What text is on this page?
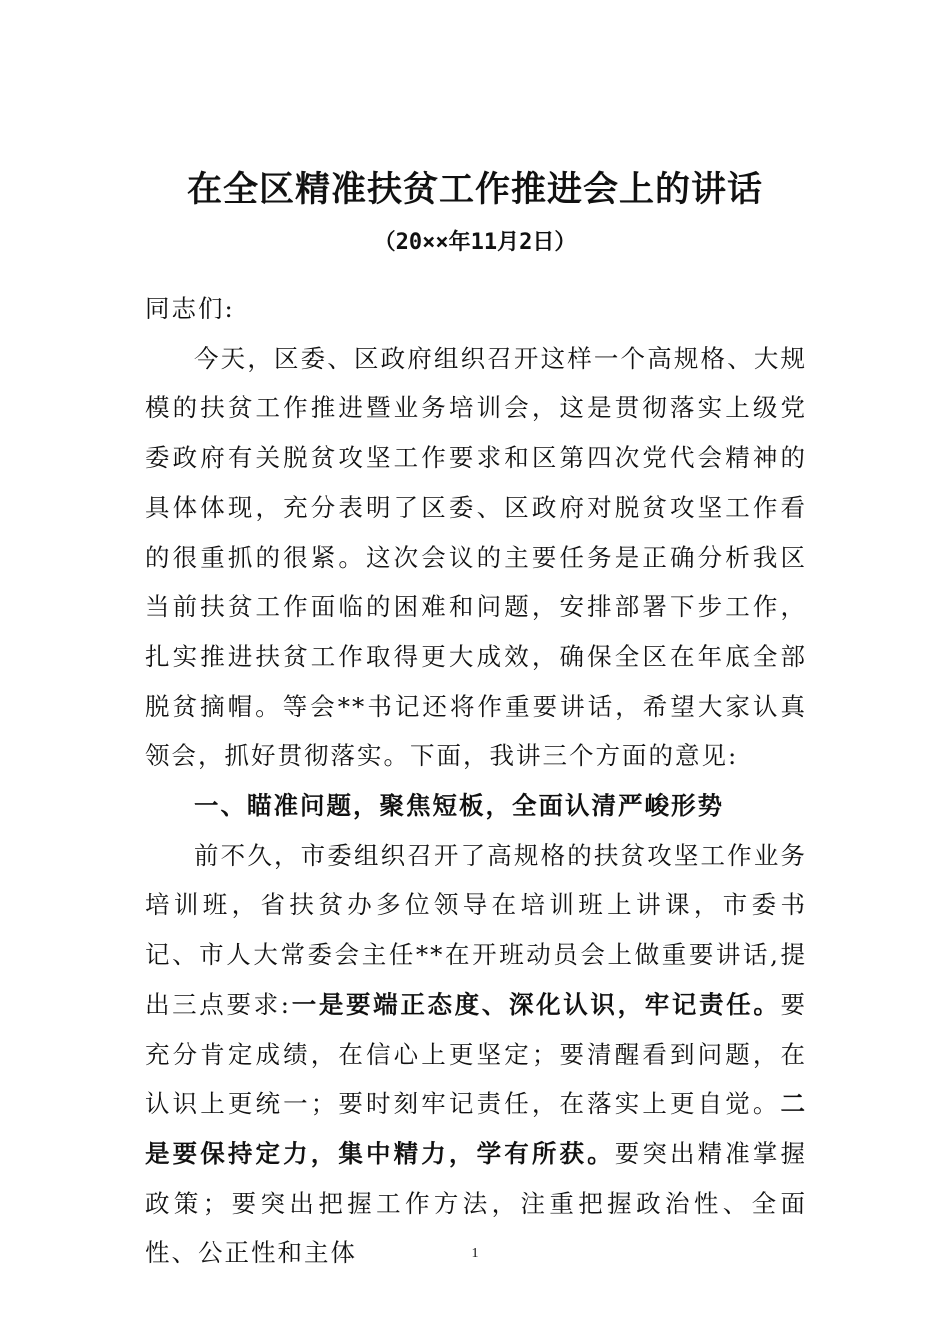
在全区精准扶贫工作推进会上的讲话
（20××年11月2日）

同志们:

今天，区委、区政府组织召开这样一个高规格、大规模的扶贫工作推进暨业务培训会，这是贯彻落实上级党委政府有关脱贫攻坚工作要求和区第四次党代会精神的具体体现，充分表明了区委、区政府对脱贫攻坚工作看的很重抓的很紧。这次会议的主要任务是正确分析我区当前扶贫工作面临的困难和问题，安排部署下步工作，扎实推进扶贫工作取得更大成效，确保全区在年底全部脱贫摘帽。等会**书记还将作重要讲话，希望大家认真领会，抓好贯彻落实。下面，我讲三个方面的意见:

一、瞄准问题，聚焦短板，全面认清严峻形势

前不久，市委组织召开了高规格的扶贫攻坚工作业务培训班，省扶贫办多位领导在培训班上讲课，市委书记、市人大常委会主任**在开班动员会上做重要讲话,提出三点要求:一是要端正态度、深化认识，牢记责任。要充分肯定成绩，在信心上更坚定；要清醒看到问题，在认识上更统一；要时刻牢记责任，在落实上更自觉。二是要保持定力，集中精力，学有所获。要突出精准掌握政策；要突出把握工作方法，注重把握政治性、全面性、公正性和主体	1
